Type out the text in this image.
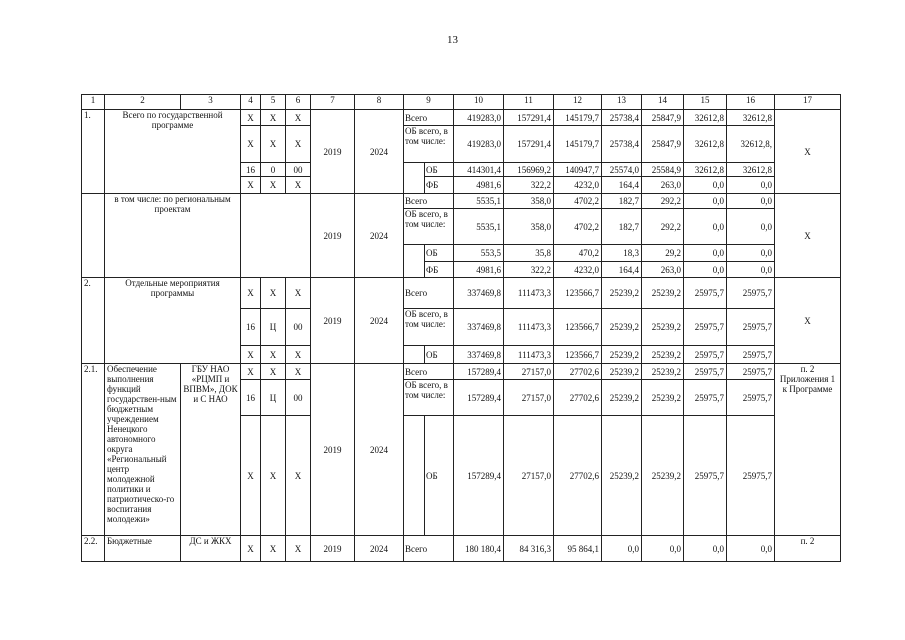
13
1	2	3	4	5	6	7	8	9		10	11	12	13	14	15	16	17
1.	Всего по государственной программе		Х	Х	Х	2019	2024	Всего		419283,0	157291,4	145179,7	25738,4	25847,9	32612,8	32612,8	Х
			Х	Х	Х			ОБ всего, в том числе:		419283,0	157291,4	145179,7	25738,4	25847,9	32612,8	32612,8,	
			16	0	00				ОБ	414301,4	156969,2	140947,7	25574,0	25584,9	32612,8	32612,8	
			Х	Х	Х				ФБ	4981,6	322,2	4232,0	164,4	263,0	0,0	0,0	
	в том числе: по региональным проектам					2019	2024	Всего		5535,1	358,0	4702,2	182,7	292,2	0,0	0,0	Х
								ОБ всего, в том числе:		5535,1	358,0	4702,2	182,7	292,2	0,0	0,0	
									ОБ	553,5	35,8	470,2	18,3	29,2	0,0	0,0	
									ФБ	4981,6	322,2	4232,0	164,4	263,0	0,0	0,0	
2.	Отдельные мероприятия программы		Х	Х	Х	2019	2024	Всего		337469,8	111473,3	123566,7	25239,2	25239,2	25975,7	25975,7	Х
			16	Ц	00			ОБ всего, в том числе:		337469,8	111473,3	123566,7	25239,2	25239,2	25975,7	25975,7	
			Х	Х	Х				ОБ	337469,8	111473,3	123566,7	25239,2	25239,2	25975,7	25975,7	
2.1.	Обеспечение выполнения функций государствен-ным бюджетным учреждением Ненецкого автономного округа «Региональный центр молодежной политики и патриотическо-го воспитания молодежи»	ГБУ НАО «РЦМП и ВПВМ», ДОК и С НАО	Х	Х	Х	2019	2024	Всего		157289,4	27157,0	27702,6	25239,2	25239,2	25975,7	25975,7	п. 2 Приложения 1 к Программе
			16	Ц	00			ОБ всего, в том числе:		157289,4	27157,0	27702,6	25239,2	25239,2	25975,7	25975,7	
			Х	Х	Х				ОБ	157289,4	27157,0	27702,6	25239,2	25239,2	25975,7	25975,7	
2.2.	Бюджетные	ДС и ЖКХ	Х	Х	Х	2019	2024	Всего		180 180,4	84 316,3	95 864,1	0,0	0,0	0,0	0,0	п. 2
